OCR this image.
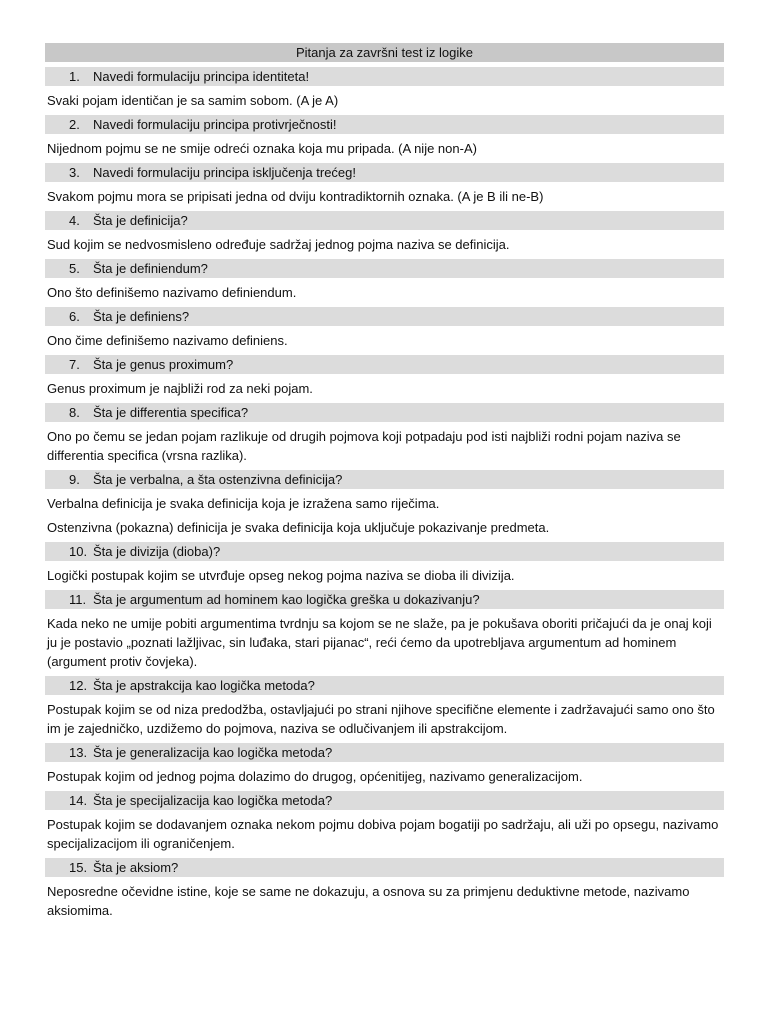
Pitanja za završni test iz logike
1. Navedi formulaciju principa identiteta!

Svaki pojam identičan je sa samim sobom. (A je A)

2. Navedi formulaciju principa protivrječnosti!

Nijednom pojmu se ne smije odreći oznaka koja mu pripada. (A nije non-A)

3. Navedi formulaciju principa isključenja trećeg!

Svakom pojmu mora se pripisati jedna od dviju kontradiktornih oznaka. (A je B ili ne-B)

4. Šta je definicija?

Sud kojim se nedvosmisleno određuje sadržaj jednog pojma naziva se definicija.

5. Šta je definiendum?

Ono što definišemo nazivamo definiendum.

6. Šta je definiens?

Ono čime definišemo nazivamo definiens.

7. Šta je genus proximum?

Genus proximum je najbliži rod za neki pojam.

8. Šta je differentia specifica?

Ono po čemu se jedan pojam razlikuje od drugih pojmova koji potpadaju pod isti najbliži rodni pojam naziva se differentia specifica (vrsna razlika).

9. Šta je verbalna, a šta ostenzivna definicija?

Verbalna definicija je svaka definicija koja je izražena samo riječima.

Ostenzivna (pokazna) definicija je svaka definicija koja uključuje pokazivanje predmeta.

10. Šta je divizija (dioba)?

Logički postupak kojim se utvrđuje opseg nekog pojma naziva se dioba ili divizija.

11. Šta je argumentum ad hominem kao logička greška u dokazivanju?

Kada neko ne umije pobiti argumentima tvrdnju sa kojom se ne slaže, pa je pokušava oboriti pričajući da je onaj koji ju je postavio „poznati lažljivac, sin luđaka, stari pijanac“, reći ćemo da upotrebljava argumentum ad hominem (argument protiv čovjeka).

12. Šta je apstrakcija kao logička metoda?

Postupak kojim se od niza predodžba, ostavljajući po strani njihove specifične elemente i zadržavajući samo ono što im je zajedničko, uzdižemo do pojmova, naziva se odlučivanjem ili apstrakcijom.

13. Šta je generalizacija kao logička metoda?

Postupak kojim od jednog pojma dolazimo do drugog, općenitijeg, nazivamo generalizacijom.

14. Šta je specijalizacija kao logička metoda?

Postupak kojim se dodavanjem oznaka nekom pojmu dobiva pojam bogatiji po sadržaju, ali uži po opsegu, nazivamo specijalizacijom ili ograničenjem.

15. Šta je aksiom?

Neposredne očevidne istine, koje se same ne dokazuju, a osnova su za primjenu deduktivne metode, nazivamo aksiomima.
